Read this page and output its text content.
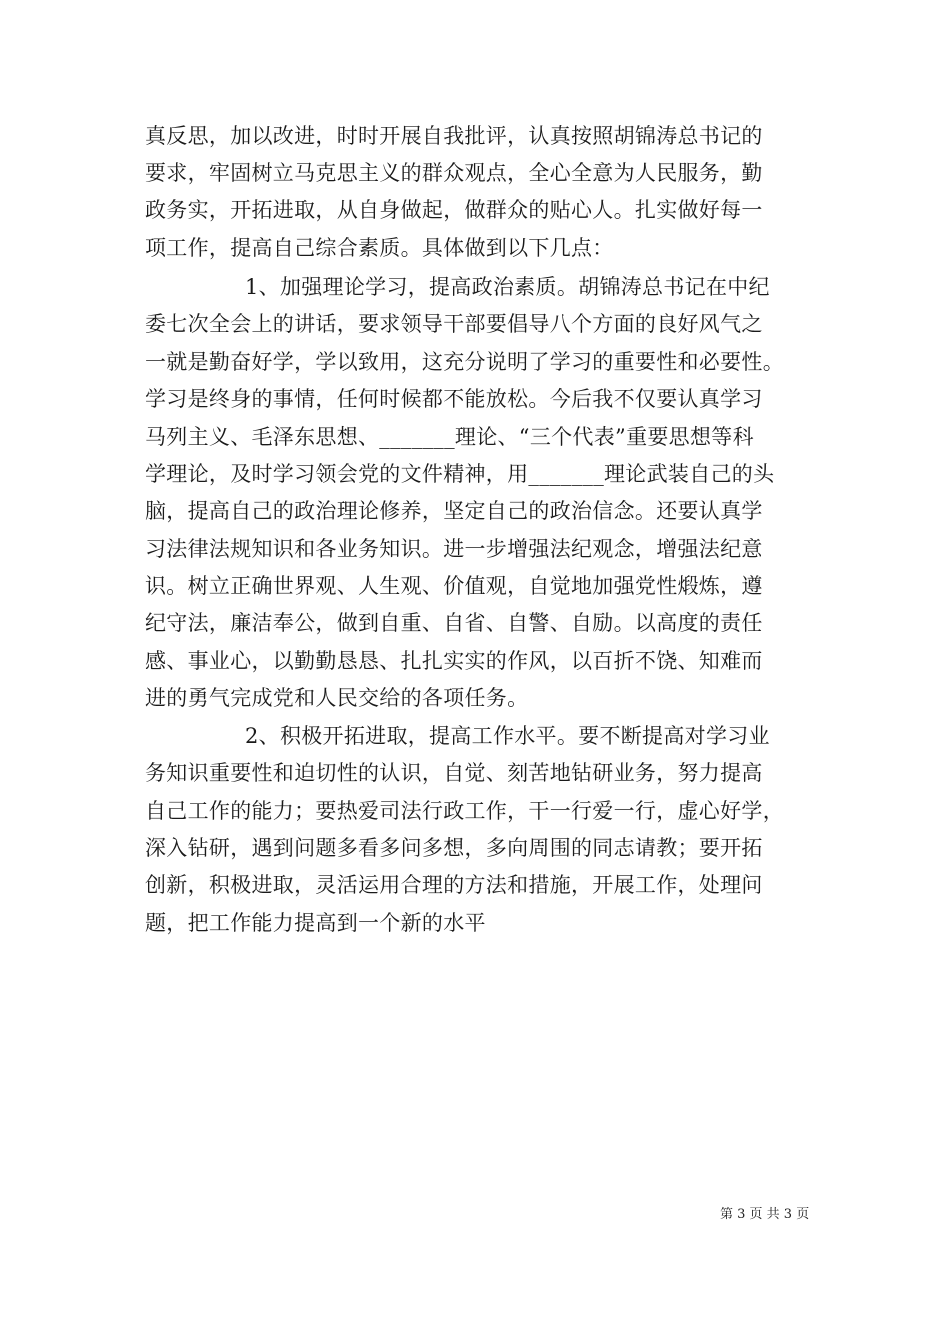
真反思，加以改进，时时开展自我批评，认真按照胡锦涛总书记的
要求，牢固树立马克思主义的群众观点，全心全意为人民服务，勤
政务实，开拓进取，从自身做起，做群众的贴心人。扎实做好每一
项工作，提高自己综合素质。具体做到以下几点：
1、加强理论学习，提高政治素质。胡锦涛总书记在中纪
委七次全会上的讲话，要求领导干部要倡导八个方面的良好风气之
一就是勤奋好学，学以致用，这充分说明了学习的重要性和必要性。
学习是终身的事情，任何时候都不能放松。今后我不仅要认真学习
马列主义、毛泽东思想、_______理论、“三个代表”重要思想等科
学理论，及时学习领会党的文件精神，用_______理论武装自己的头
脑，提高自己的政治理论修养，坚定自己的政治信念。还要认真学
习法律法规知识和各业务知识。进一步增强法纪观念，增强法纪意
识。树立正确世界观、人生观、价值观，自觉地加强党性煅炼，遵
纪守法，廉洁奉公，做到自重、自省、自警、自励。以高度的责任
感、事业心，以勤勤恳恳、扎扎实实的作风，以百折不饶、知难而
进的勇气完成党和人民交给的各项任务。
2、积极开拓进取，提高工作水平。要不断提高对学习业
务知识重要性和迫切性的认识，自觉、刻苦地钻研业务，努力提高
自己工作的能力；要热爱司法行政工作，干一行爱一行，虚心好学，
深入钻研，遇到问题多看多问多想，多向周围的同志请教；要开拓
创新，积极进取，灵活运用合理的方法和措施，开展工作，处理问
题，把工作能力提高到一个新的水平
第 3 页 共 3 页
